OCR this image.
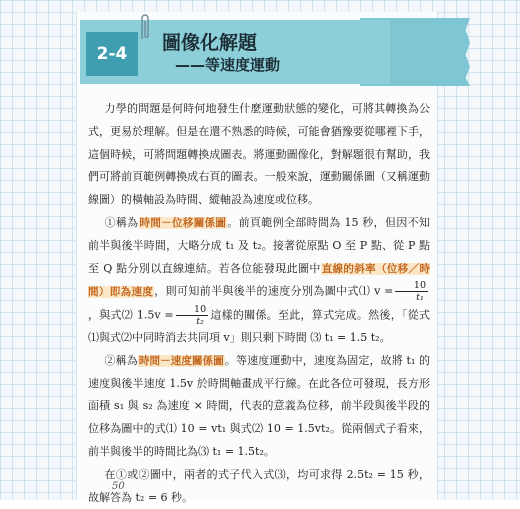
2-4	圖像化解題
——等速度運動

力學的問題是何時何地發生什麼運動狀態的變化，可將其轉換為公式，更易於理解。但是在還不熟悉的時候，可能會猶豫要從哪裡下手，這個時候，可將問題轉換成圖表。將運動圖像化，對解題很有幫助，我們可將前頁範例轉換成右頁的圖表。一般來說，運動關係圖（又稱運動線圖）的橫軸設為時間、縱軸設為速度或位移。

①稱為時間－位移關係圖。前頁範例全部時間為 15 秒，但因不知前半與後半時間，大略分成 t₁ 及 t₂。接著從原點 O 至 P 點、從 P 點至 Q 點分別以直線連結。若各位能發現此圖中直線的斜率（位移／時間）即為速度，則可知前半與後半的速度分別為圖中式⑴ $v = \frac{10}{\text{t₁}}$
，與式⑵ $1.5v = \frac{10}{\text{t₂}}$ 這樣的關係。至此，算式完成。然後，「從式⑴與式⑵中同時消去共同項 v」則只剩下時間 ⑶ t₁ = 1.5 t₂。

②稱為時間－速度關係圖。等速度運動中，速度為固定，故將 t₁ 的速度與後半速度 1.5v 於時間軸畫成平行線。在此各位可發現，長方形面積 s₁ 與 s₂ 為速度 × 時間，代表的意義為位移，前半段與後半段的位移為圖中的式⑴ 10 = vt₁ 與式⑵ 10 = 1.5vt₂。從兩個式子看來，前半與後半的時間比為⑶ t₁ = 1.5t₂。

在①或②圖中，兩者的式子代入式⑶，均可求得 2.5t₂ = 15 秒，故解答為 t₂ = 6 秒。

50
